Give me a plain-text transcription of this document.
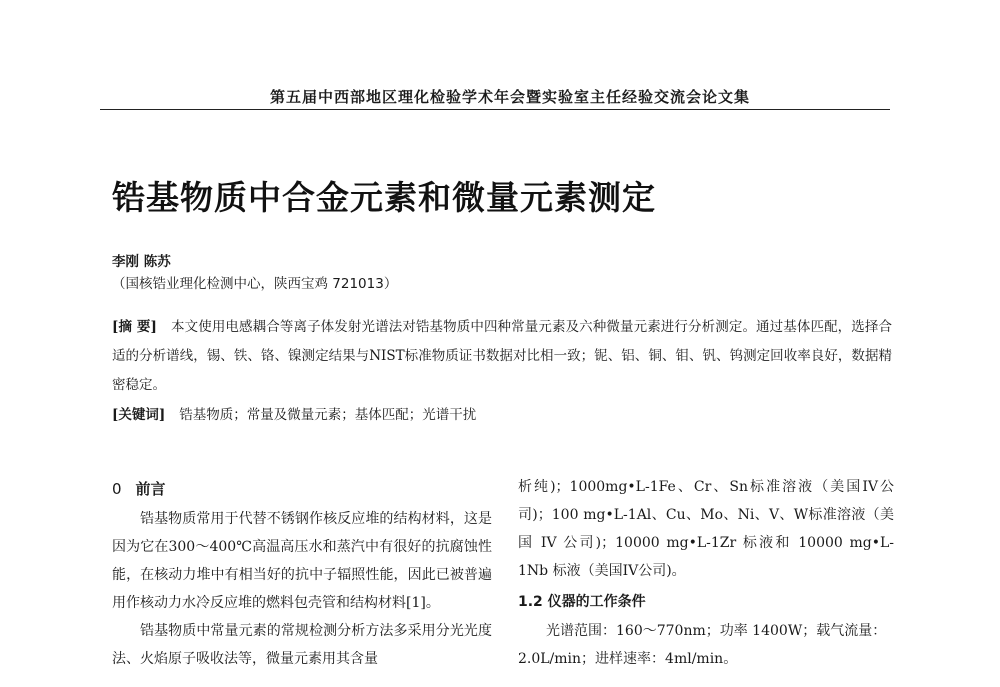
第五届中西部地区理化检验学术年会暨实验室主任经验交流会论文集
锆基物质中合金元素和微量元素测定
李刚 陈苏
（国核锆业理化检测中心，陕西宝鸡 721013）

[摘 要] 本文使用电感耦合等离子体发射光谱法对锆基物质中四种常量元素及六种微量元素进行分析测定。通过基体匹配，选择合适的分析谱线，锡、铁、铬、镍测定结果与NIST标准物质证书数据对比相一致；铌、铝、铜、钼、钒、钨测定回收率良好，数据精密稳定。

[关键词] 锆基物质；常量及微量元素；基体匹配；光谱干扰

0 前言

锆基物质常用于代替不锈钢作核反应堆的结构材料，这是因为它在300～400℃高温高压水和蒸汽中有很好的抗腐蚀性能，在核动力堆中有相当好的抗中子辐照性能，因此已被普遍用作核动力水冷反应堆的燃料包壳管和结构材料[1]。

锆基物质中常量元素的常规检测分析方法多采用分光光度法、火焰原子吸收法等，微量元素用其含量

析纯)；1000mg•L-1Fe、Cr、Sn标准溶液（美国IV公司)；100 mg•L-1Al、Cu、Mo、Ni、V、W标准溶液（美国 IV 公司)；10000 mg•L-1Zr 标液和 10000 mg•L-1Nb 标液（美国IV公司)。

1.2 仪器的工作条件

光谱范围：160～770nm；功率 1400W；载气流量：

2.0L/min；进样速率：4ml/min。
